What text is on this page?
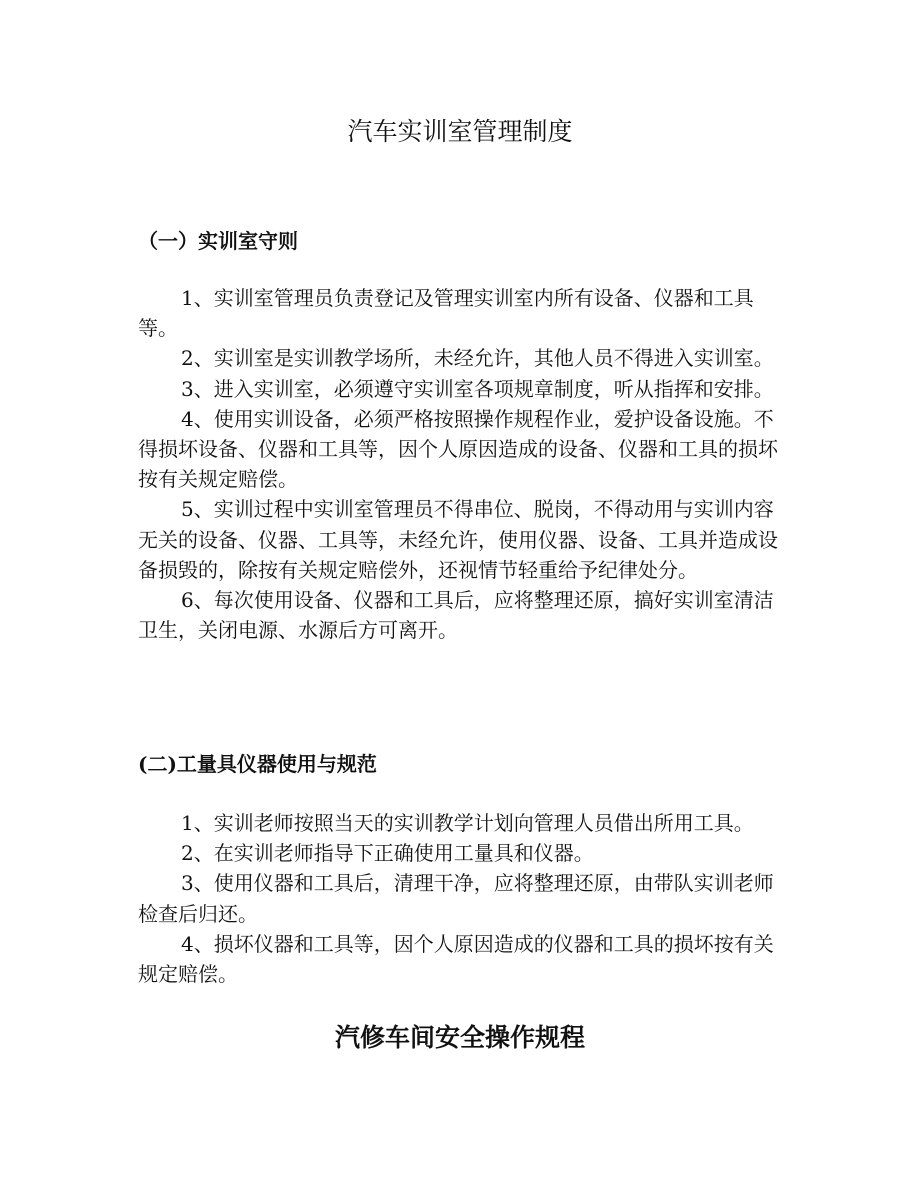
汽车实训室管理制度
（一）实训室守则

1、实训室管理员负责登记及管理实训室内所有设备、仪器和工具等。

2、实训室是实训教学场所，未经允许，其他人员不得进入实训室。

3、进入实训室，必须遵守实训室各项规章制度，听从指挥和安排。

4、使用实训设备，必须严格按照操作规程作业，爱护设备设施。不得损坏设备、仪器和工具等，因个人原因造成的设备、仪器和工具的损坏按有关规定赔偿。

5、实训过程中实训室管理员不得串位、脱岗，不得动用与实训内容无关的设备、仪器、工具等，未经允许，使用仪器、设备、工具并造成设备损毁的，除按有关规定赔偿外，还视情节轻重给予纪律处分。

6、每次使用设备、仪器和工具后，应将整理还原，搞好实训室清洁卫生，关闭电源、水源后方可离开。

(二)工量具仪器使用与规范

1、实训老师按照当天的实训教学计划向管理人员借出所用工具。

2、在实训老师指导下正确使用工量具和仪器。

3、使用仪器和工具后，清理干净，应将整理还原，由带队实训老师检查后归还。

4、损坏仪器和工具等，因个人原因造成的仪器和工具的损坏按有关规定赔偿。

汽修车间安全操作规程
